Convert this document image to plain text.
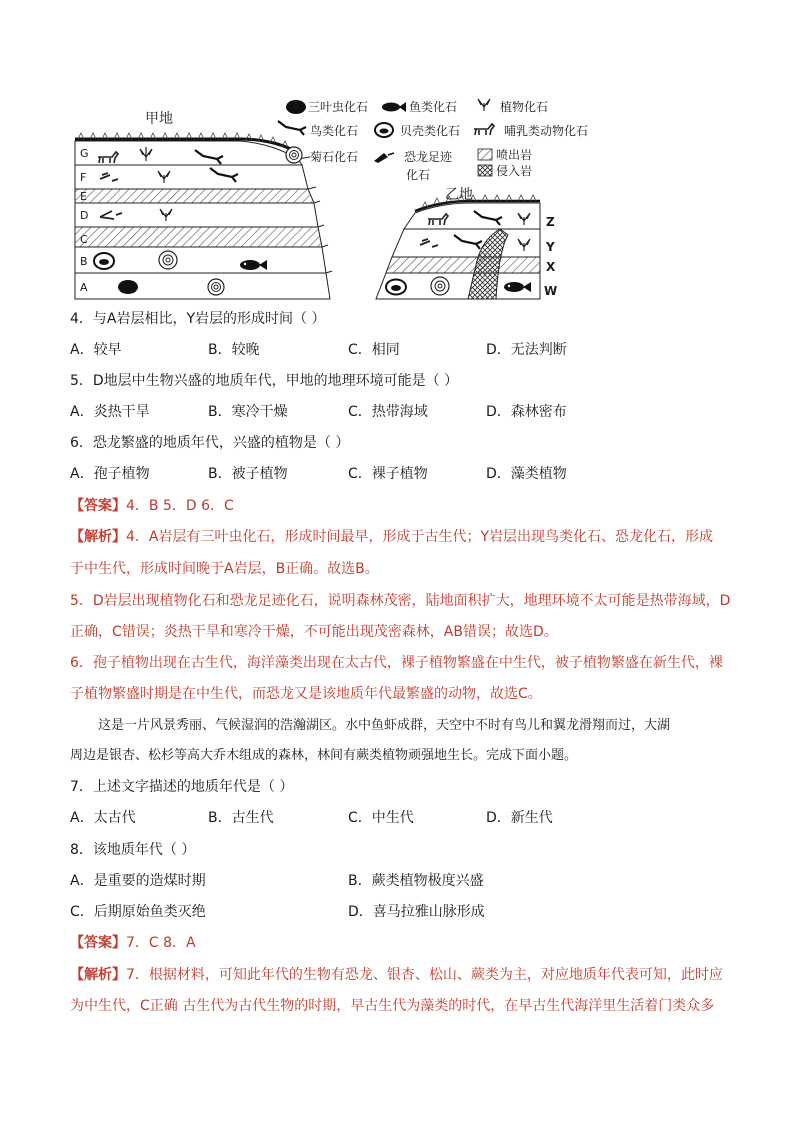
甲地
G
F
E
D
C
B
A
三叶虫化石	鱼类化石	植物化石
鸟类化石	贝壳类化石	哺乳类动物化石
菊石化石	恐龙足迹
化石
喷出岩
侵入岩
乙地
Z
Y
X
W
4．与A岩层相比，Y岩层的形成时间（ ）
A．较早	B．较晚	C．相同	D．无法判断
5．D地层中生物兴盛的地质年代，甲地的地理环境可能是（ ）
A．炎热干旱	B．寒冷干燥	C．热带海域	D．森林密布
6．恐龙繁盛的地质年代，兴盛的植物是（ ）
A．孢子植物	B．被子植物	C．裸子植物	D．藻类植物
【答案】4．B 5．D 6．C
【解析】4．A岩层有三叶虫化石，形成时间最早，形成于古生代；Y岩层出现鸟类化石、恐龙化石，形成
于中生代，形成时间晚于A岩层，B正确。故选B。
5．D岩层出现植物化石和恐龙足迹化石，说明森林茂密，陆地面积扩大，地理环境不太可能是热带海域，D
正确，C错误；炎热干旱和寒冷干燥，不可能出现茂密森林，AB错误；故选D。
6．孢子植物出现在古生代，海洋藻类出现在太古代，裸子植物繁盛在中生代，被子植物繁盛在新生代，裸
子植物繁盛时期是在中生代，而恐龙又是该地质年代最繁盛的动物，故选C。
这是一片风景秀丽、气候湿润的浩瀚湖区。水中鱼虾成群，天空中不时有鸟儿和翼龙滑翔而过，大湖
周边是银杏、松杉等高大乔木组成的森林，林间有蕨类植物顽强地生长。完成下面小题。
7．上述文字描述的地质年代是（ ）
A．太古代	B．古生代	C．中生代	D．新生代
8．该地质年代（ ）
A．是重要的造煤时期	B．蕨类植物极度兴盛
C．后期原始鱼类灭绝	D．喜马拉雅山脉形成
【答案】7．C 8．A
【解析】7．根据材料，可知此年代的生物有恐龙、银杏、松山、蕨类为主，对应地质年代表可知，此时应
为中生代，C正确 古生代为古代生物的时期，早古生代为藻类的时代，在早古生代海洋里生活着门类众多
